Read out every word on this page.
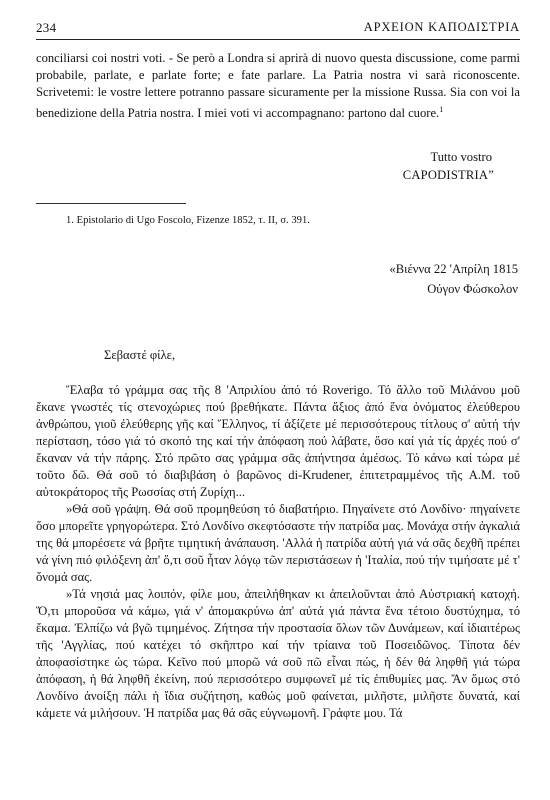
234	ΑΡΧΕΙΟΝ ΚΑΠΟΔΙΣΤΡΙΑ

conciliarsi coi nostri voti. - Se però a Londra si aprirà di nuovo questa discussione, come parmi probabile, parlate, e parlate forte; e fate parlare. La Patria nostra vi sarà riconoscente. Scrivetemi: le vostre lettere potranno passare sicuramente per la missione Russa. Sia con voi la benedizione della Patria nostra. I miei voti vi accompagnano: partono dal cuore.$^1$

Tutto vostro
CAPODISTRIA”
1. Epistolario di Ugo Foscolo, Fizenze 1852, τ. II, σ. 391.
«Βιέννα 22 'Απρίλη 1815
Ούγον Φώσκολον
Σεβαστέ φίλε,

Ἔλαβα τό γράμμα σας τῆς 8 'Απριλίου ἀπό τό Roverigo. Τό ἄλλο τοῦ Μιλάνου μοῦ ἔκανε γνωστές τίς στενοχώριες πού βρεθήκατε. Πάντα ἄξιος ἀπό ἕνα ὀνόματος ἐλεύθερου ἀνθρώπου, γιοῦ ἐλεύθερης γῆς καί Ἕλληνος, τί ἀξίζετε μέ περισσότερους τίτλους σ' αὐτή τήν περίσταση, τόσο γιά τό σκοπό της καί τήν ἀπόφαση πού λάβατε, ὅσο καί γιά τίς ἀρχές πού σ' ἔκαναν νά τήν πάρης. Στό πρῶτο σας γράμμα σᾶς ἀπήντησα ἀμέσως. Τό κάνω καί τώρα μέ τοῦτο δῶ. Θά σοῦ τό διαβιβάση ὁ βαρῶνος di-Krudener, ἐπιτετραμμένος τῆς Α.Μ. τοῦ αὐτοκράτορος τῆς Ρωσσίας στή Ζυρίχη...

»Θά σοῦ γράψη. Θά σοῦ προμηθεύση τό διαβατήριο. Πηγαίνετε στό Λονδίνο· πηγαίνετε ὅσο μπορεῖτε γρηγορώτερα. Στό Λονδίνο σκεφτόσαστε τήν πατρίδα μας. Μονάχα στήν ἀγκαλιά της θά μπορέσετε νά βρῆτε τιμητική ἀνάπαυση. 'Αλλά ἡ πατρίδα αὐτή γιά νά σᾶς δεχθῆ πρέπει νά γίνη πιό φιλόξενη ἀπ' ὅ,τι σοῦ ἦταν λόγῳ τῶν περιστάσεων ἡ 'Ιταλία, πού τήν τιμήσατε μέ τ' ὄνομά σας.

»Τά νησιά μας λοιπόν, φίλε μου, ἀπειλήθηκαν κι ἀπειλοῦνται ἀπό Αὐστριακή κατοχή. Ὅ,τι μποροῦσα νά κάμω, γιά ν' ἀπομακρύνω ἀπ' αὐτά γιά πάντα ἕνα τέτοιο δυστύχημα, τό ἔκαμα. Ἐλπίζω νά βγῶ τιμημένος. Ζήτησα τήν προστασία ὅλων τῶν Δυνάμεων, καί ἰδιαιτέρως τῆς 'Αγγλίας, πού κατέχει τό σκῆπτρο καί τήν τρίαινα τοῦ Ποσειδῶνος. Τίποτα δέν ἀποφασίστηκε ὡς τώρα. Κεῖνο πού μπορῶ νά σοῦ πῶ εἶναι πώς, ἡ δέν θά ληφθῆ γιά τώρα ἀπόφαση, ἡ θά ληφθῆ ἐκείνη, πού περισσότερο συμφωνεῖ μέ τίς ἐπιθυμίες μας. Ἄν ὅμως στό Λονδίνο ἀνοίξη πάλι ἡ ἴδια συζήτηση, καθώς μοῦ φαίνεται, μιλῆστε, μιλῆστε δυνατά, καί κάμετε νά μιλήσουν. Ἡ πατρίδα μας θά σᾶς εὐγνωμονῆ. Γράφτε μου. Τά
